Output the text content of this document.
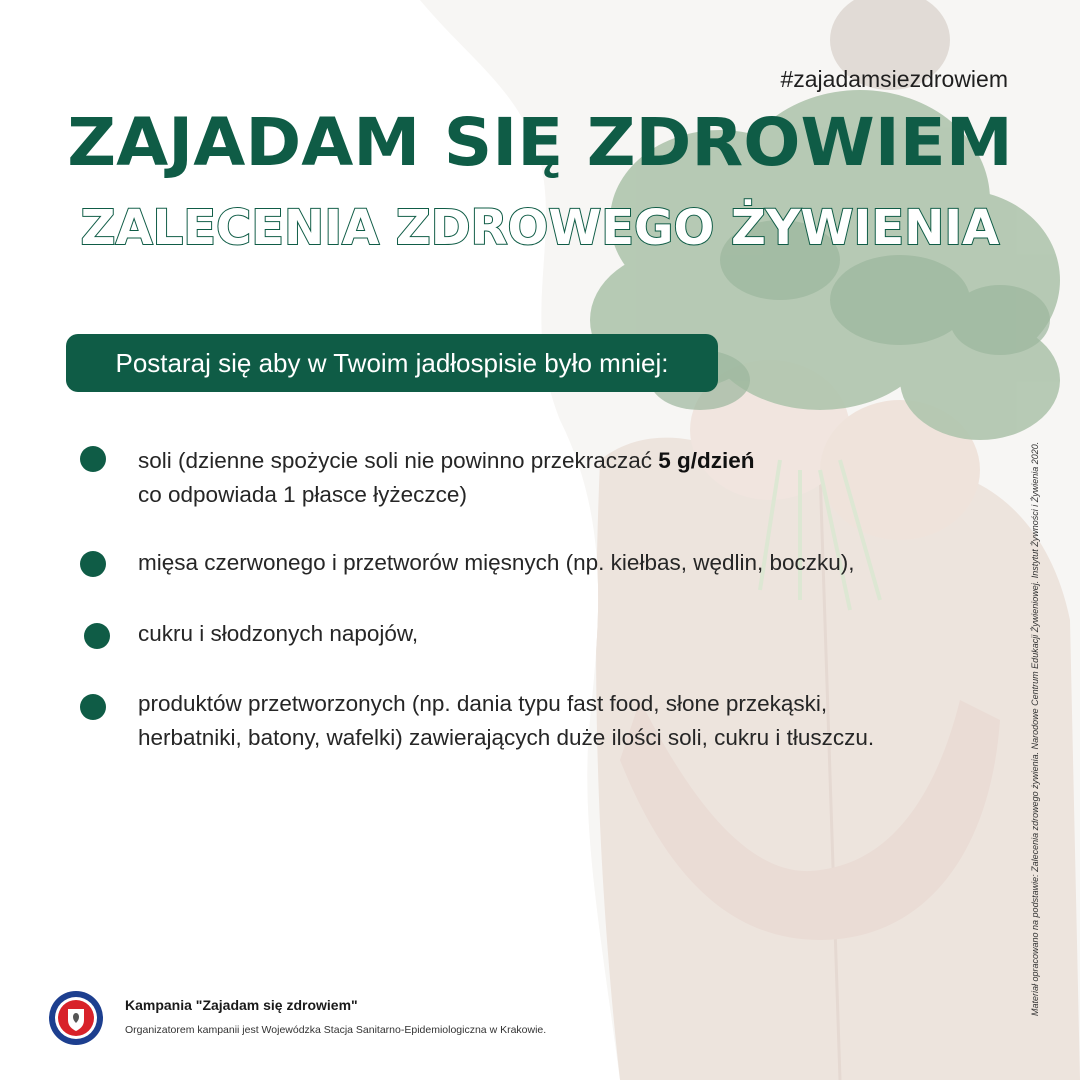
#zajadamsiezdrowiem
ZAJADAM SIĘ ZDROWIEM
ZALECENIA ZDROWEGO ŻYWIENIA
Postaraj się aby w Twoim jadłospisie było mniej:
soli (dzienne spożycie soli nie powinno przekraczać 5 g/dzień
co odpowiada 1 płasce łyżeczce)
mięsa czerwonego i przetworów mięsnych (np. kiełbas, wędlin, boczku),
cukru i słodzonych napojów,
produktów przetworzonych (np. dania typu fast food, słone przekąski,
herbatniki, batony, wafelki) zawierających duże ilości soli, cukru i tłuszczu.
Kampania "Zajadam się zdrowiem"
Organizatorem kampanii jest Wojewódzka Stacja Sanitarno-Epidemiologiczna w Krakowie.
Materiał opracowano na podstawie: Zalecenia zdrowego żywienia. Narodowe Centrum Edukacji Żywieniowej. Instytut Żywności i Żywienia 2020.
